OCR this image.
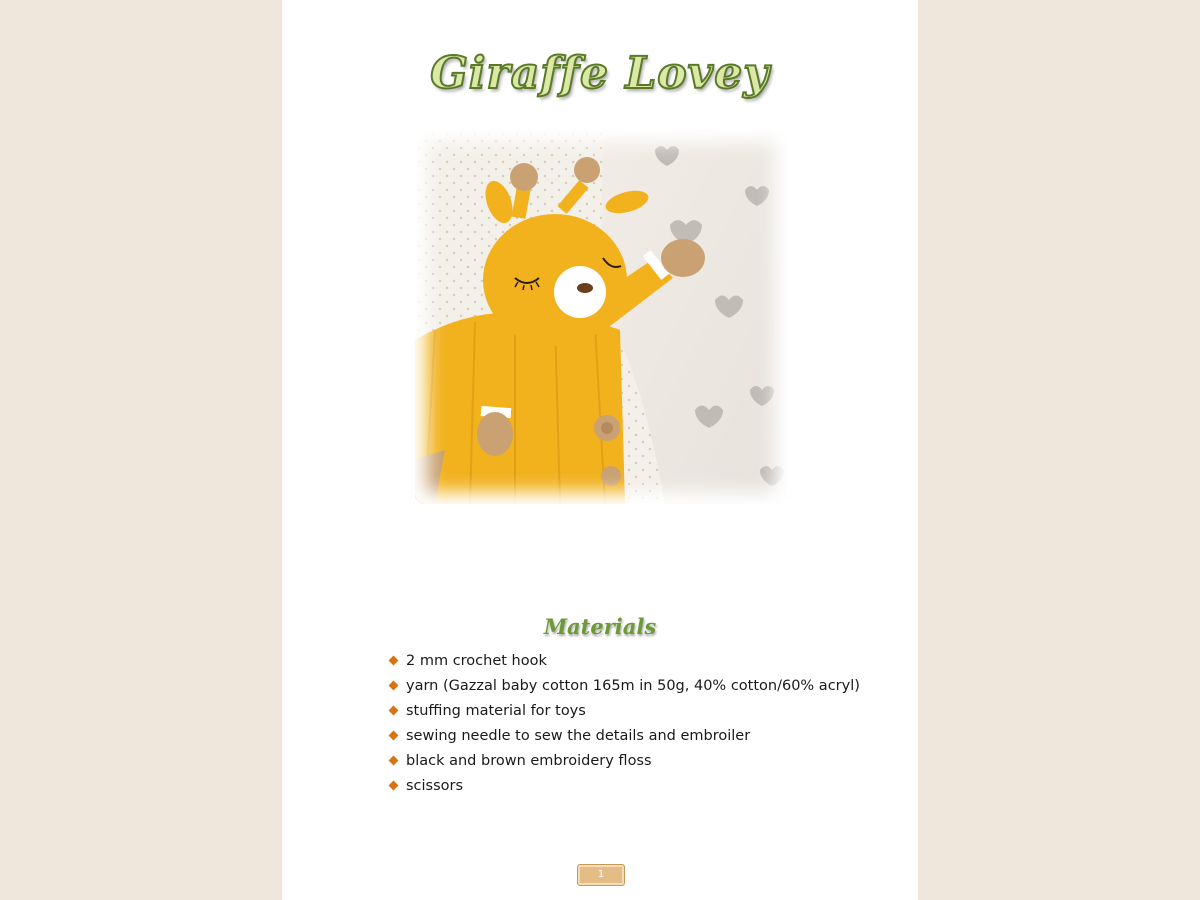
Giraffe Lovey
Materials
2 mm crochet hook
yarn (Gazzal baby cotton 165m in 50g, 40% cotton/60% acryl)
stuffing material for toys
sewing needle to sew the details and embroiler
black and brown embroidery floss
scissors
1
